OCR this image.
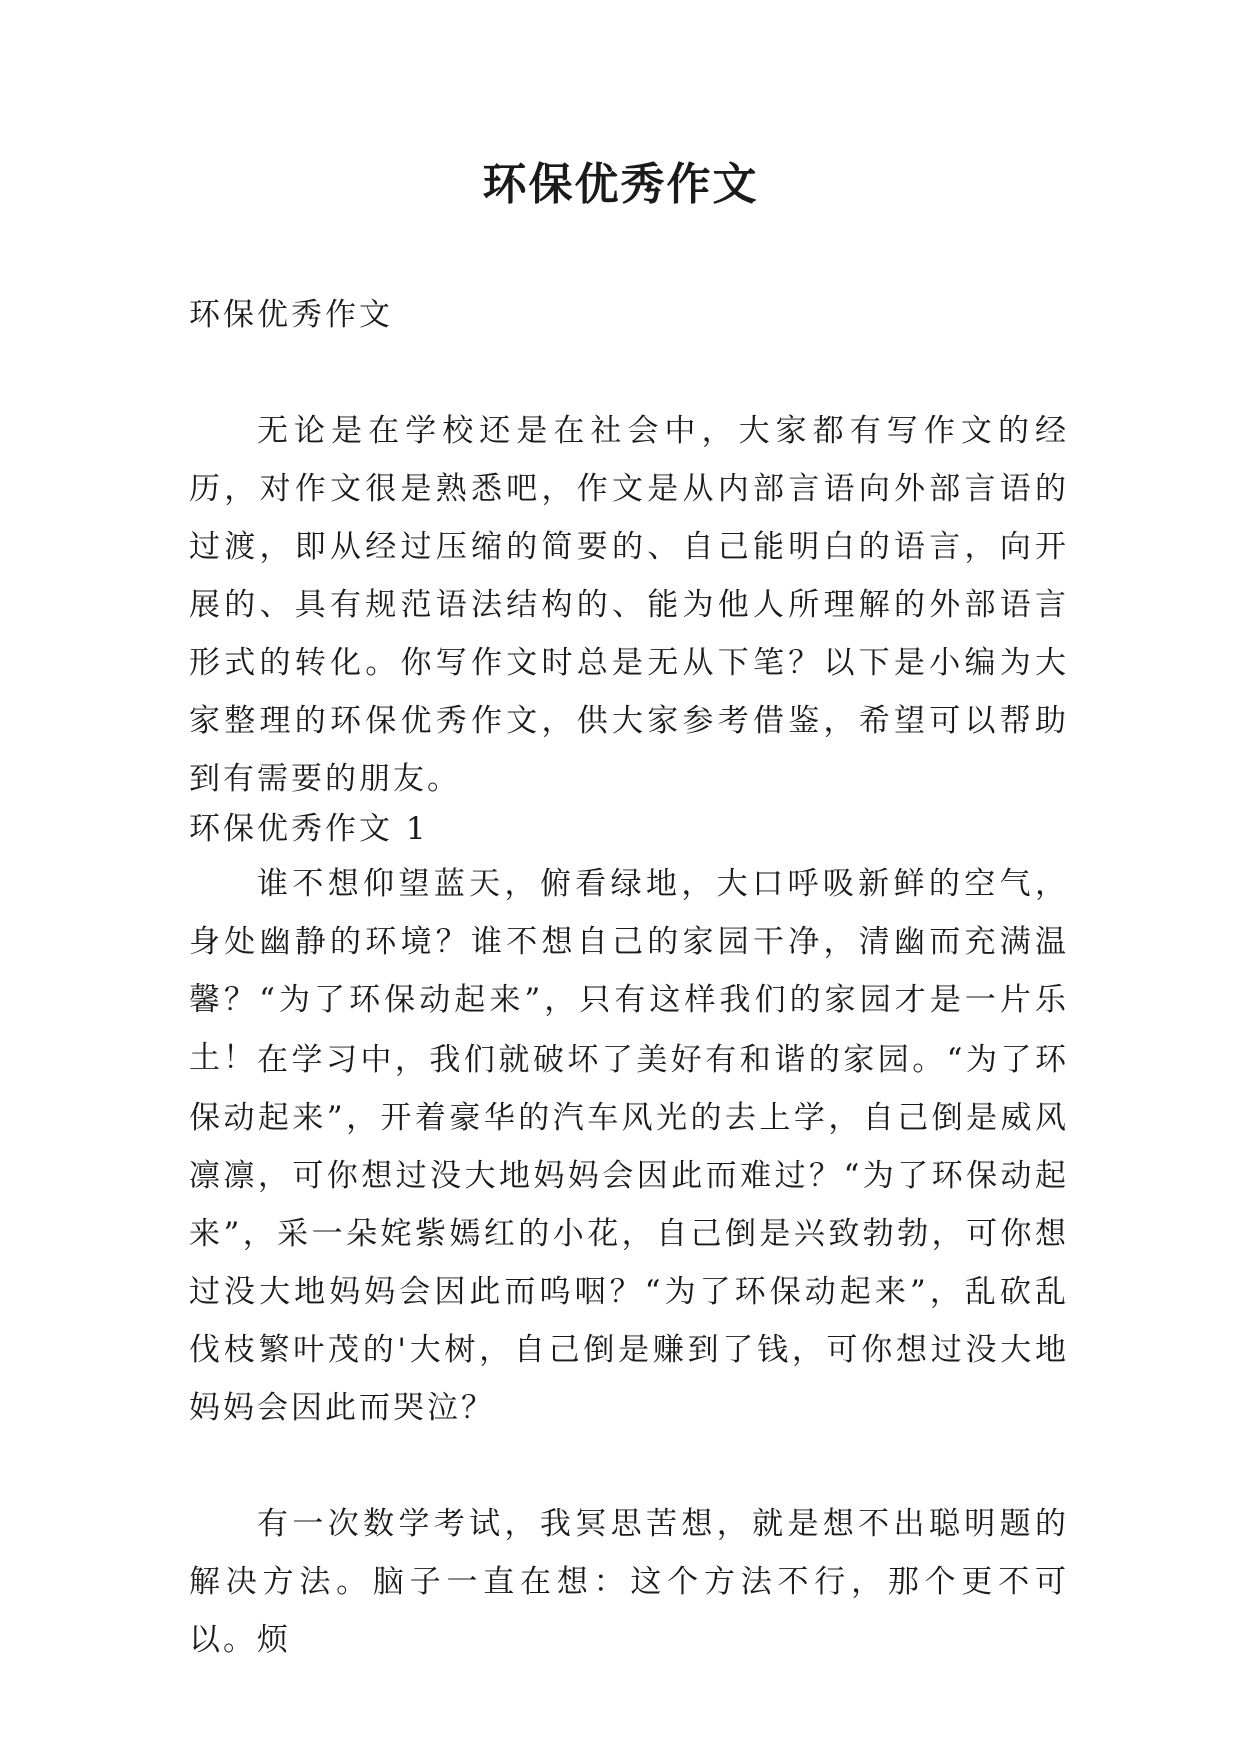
环保优秀作文

环保优秀作文

无论是在学校还是在社会中，大家都有写作文的经历，对作文很是熟悉吧，作文是从内部言语向外部言语的过渡，即从经过压缩的简要的、自己能明白的语言，向开展的、具有规范语法结构的、能为他人所理解的外部语言形式的转化。你写作文时总是无从下笔？以下是小编为大家整理的环保优秀作文，供大家参考借鉴，希望可以帮助到有需要的朋友。

环保优秀作文 1

谁不想仰望蓝天，俯看绿地，大口呼吸新鲜的空气，身处幽静的环境？谁不想自己的家园干净，清幽而充满温馨？“为了环保动起来”，只有这样我们的家园才是一片乐土！ 在学习中，我们就破坏了美好有和谐的家园。“为了环保动起来”，开着豪华的汽车风光的去上学，自己倒是威风凛凛，可你想过没大地妈妈会因此而难过？“为了环保动起来”，采一朵姹紫嫣红的小花，自己倒是兴致勃勃，可你想过没大地妈妈会因此而呜咽？“为了环保动起来”，乱砍乱伐枝繁叶茂的'大树，自己倒是赚到了钱，可你想过没大地妈妈会因此而哭泣？

有一次数学考试，我冥思苦想，就是想不出聪明题的解决方法。脑子一直在想：这个方法不行，那个更不可以。烦
